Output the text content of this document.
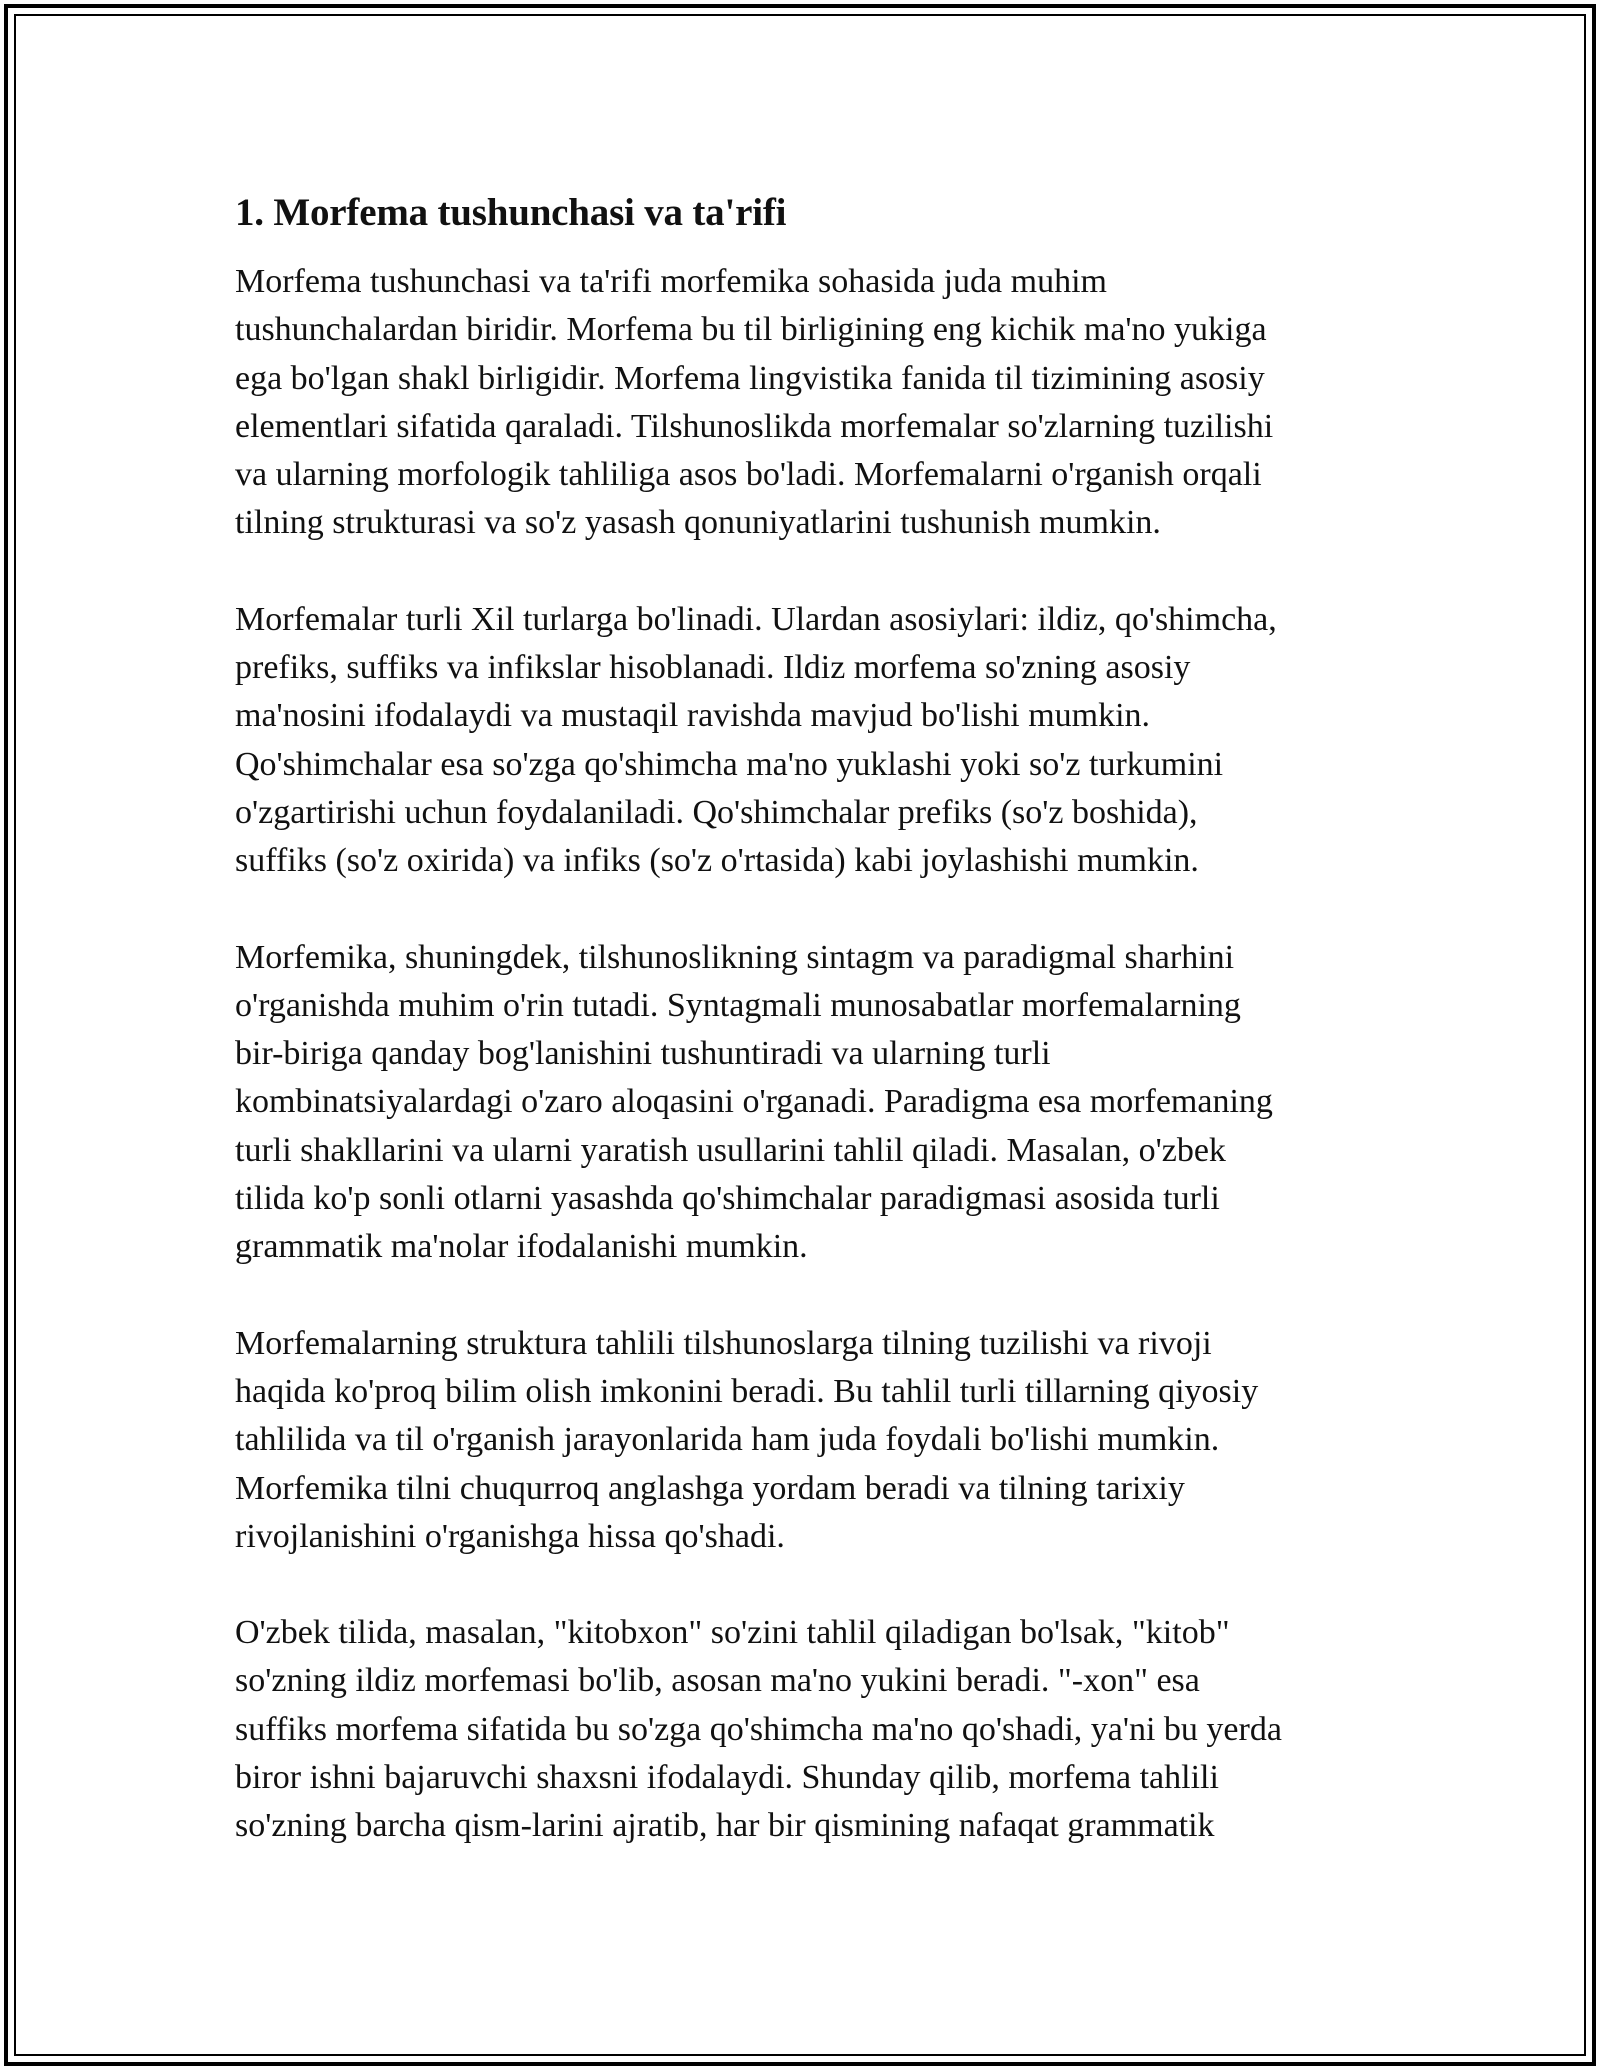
1. Morfema tushunchasi va ta'rifi

Morfema tushunchasi va ta'rifi morfemika sohasida juda muhim
tushunchalardan biridir. Morfema bu til birligining eng kichik ma'no yukiga
ega bo'lgan shakl birligidir. Morfema lingvistika fanida til tizimining asosiy
elementlari sifatida qaraladi. Tilshunoslikda morfemalar so'zlarning tuzilishi
va ularning morfologik tahliliga asos bo'ladi. Morfemalarni o'rganish orqali
tilning strukturasi va so'z yasash qonuniyatlarini tushunish mumkin.

Morfemalar turli Xil turlarga bo'linadi. Ulardan asosiylari: ildiz, qo'shimcha,
prefiks, suffiks va infikslar hisoblanadi. Ildiz morfema so'zning asosiy
ma'nosini ifodalaydi va mustaqil ravishda mavjud bo'lishi mumkin.
Qo'shimchalar esa so'zga qo'shimcha ma'no yuklashi yoki so'z turkumini
o'zgartirishi uchun foydalaniladi. Qo'shimchalar prefiks (so'z boshida),
suffiks (so'z oxirida) va infiks (so'z o'rtasida) kabi joylashishi mumkin.

Morfemika, shuningdek, tilshunoslikning sintagm va paradigmal sharhini
o'rganishda muhim o'rin tutadi. Syntagmali munosabatlar morfemalarning
bir-biriga qanday bog'lanishini tushuntiradi va ularning turli
kombinatsiyalardagi o'zaro aloqasini o'rganadi. Paradigma esa morfemaning
turli shakllarini va ularni yaratish usullarini tahlil qiladi. Masalan, o'zbek
tilida ko'p sonli otlarni yasashda qo'shimchalar paradigmasi asosida turli
grammatik ma'nolar ifodalanishi mumkin.

Morfemalarning struktura tahlili tilshunoslarga tilning tuzilishi va rivoji
haqida ko'proq bilim olish imkonini beradi. Bu tahlil turli tillarning qiyosiy
tahlilida va til o'rganish jarayonlarida ham juda foydali bo'lishi mumkin.
Morfemika tilni chuqurroq anglashga yordam beradi va tilning tarixiy
rivojlanishini o'rganishga hissa qo'shadi.

O'zbek tilida, masalan, "kitobxon" so'zini tahlil qiladigan bo'lsak, "kitob"
so'zning ildiz morfemasi bo'lib, asosan ma'no yukini beradi. "-xon" esa
suffiks morfema sifatida bu so'zga qo'shimcha ma'no qo'shadi, ya'ni bu yerda
biror ishni bajaruvchi shaxsni ifodalaydi. Shunday qilib, morfema tahlili
so'zning barcha qism-larini ajratib, har bir qismining nafaqat grammatik
